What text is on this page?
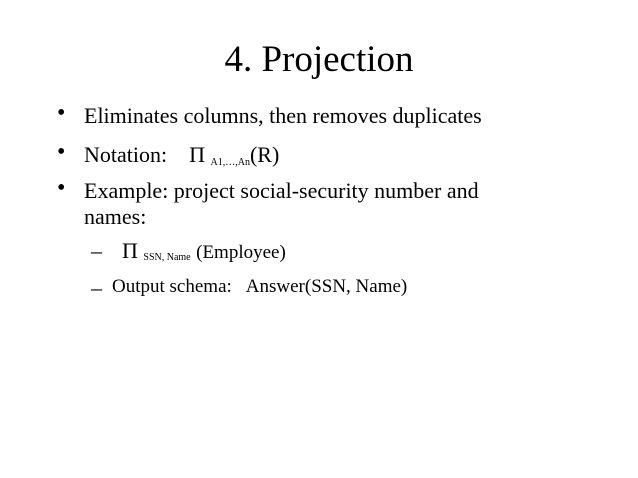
4. Projection
• Eliminates columns, then removes duplicates
• Notation: Π A1,…,An(R)
• Example: project social-security number and
names:
– Π SSN, Name (Employee)
– Output schema: Answer(SSN, Name)
